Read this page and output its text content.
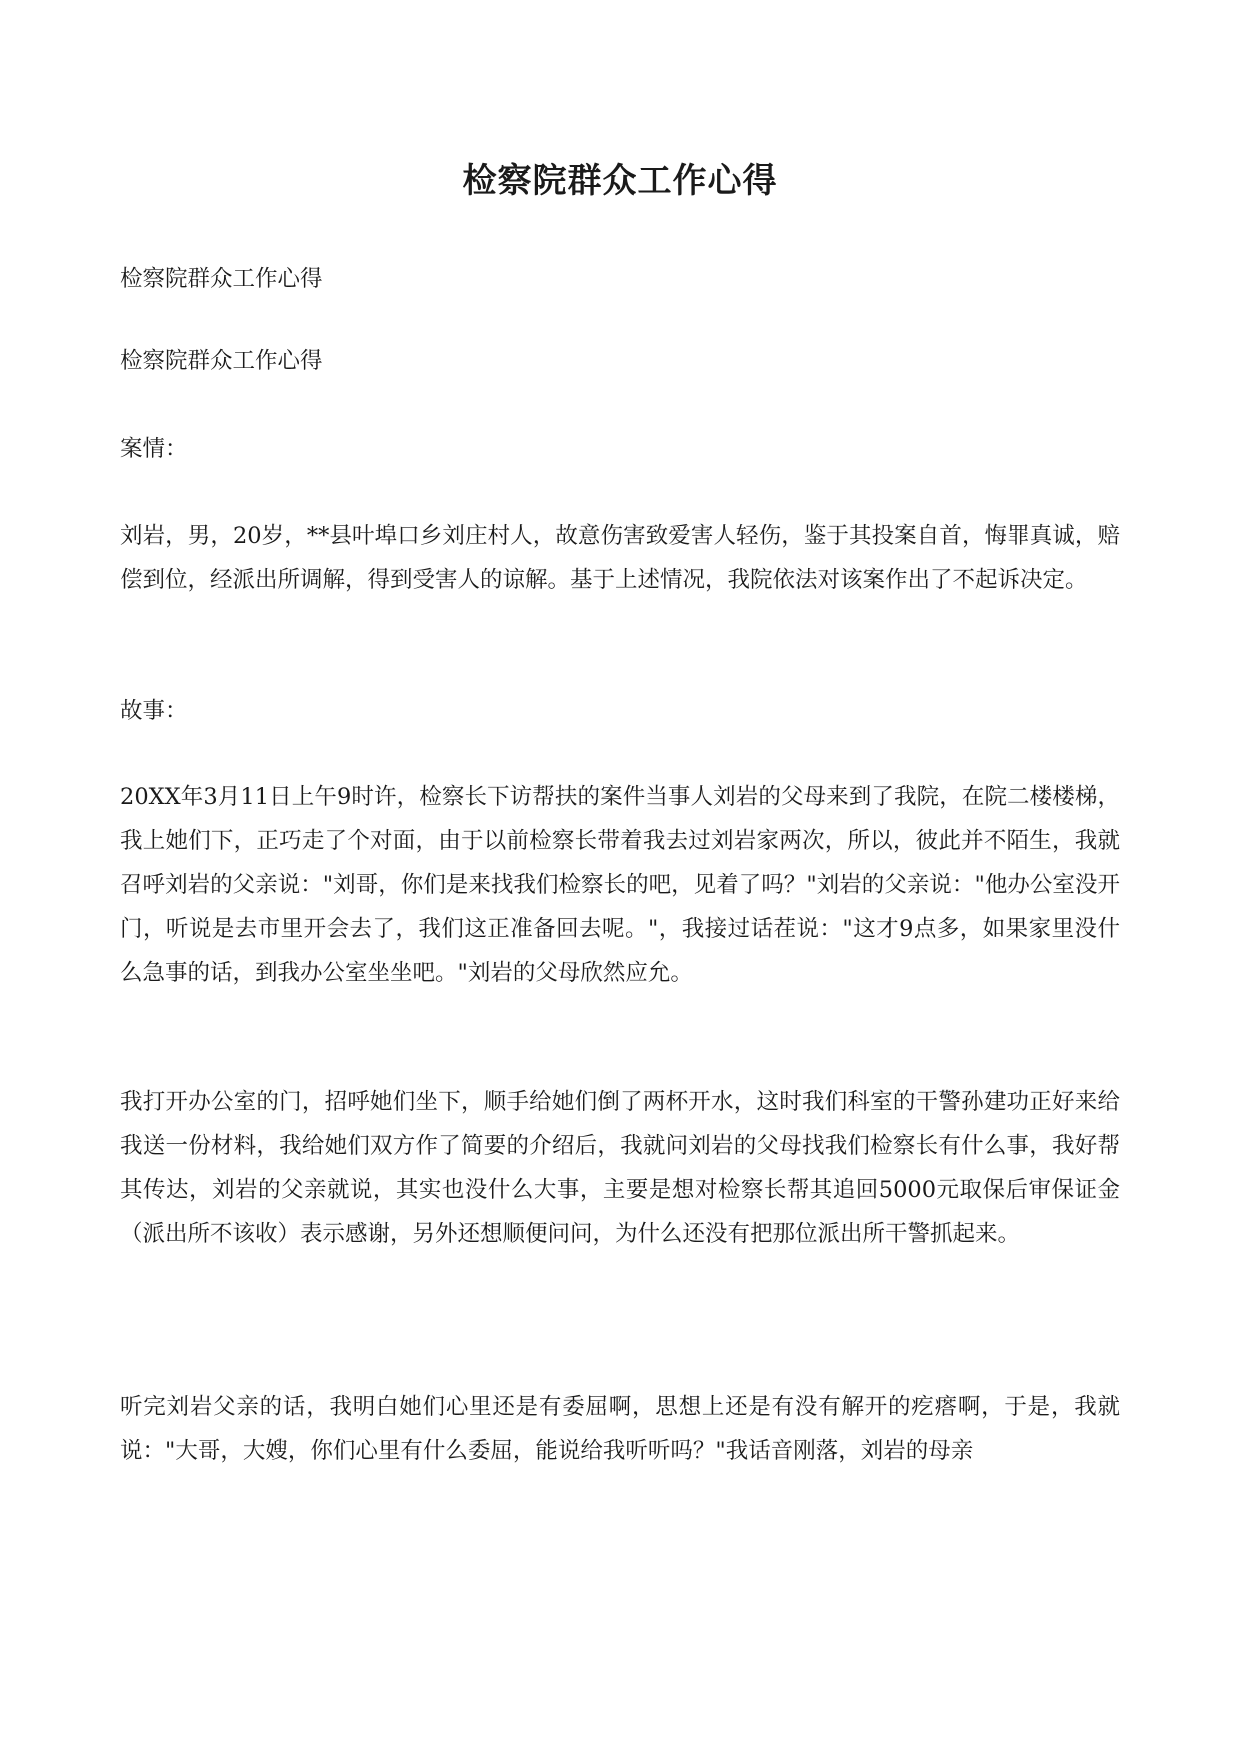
检察院群众工作心得

检察院群众工作心得

检察院群众工作心得

案情：

刘岩，男，20岁，**县叶埠口乡刘庄村人，故意伤害致爱害人轻伤，鉴于其投案自首，悔罪真诚，赔偿到位，经派出所调解，得到受害人的谅解。基于上述情况，我院依法对该案作出了不起诉决定。

故事：

20XX年3月11日上午9时许，检察长下访帮扶的案件当事人刘岩的父母来到了我院，在院二楼楼梯，我上她们下，正巧走了个对面，由于以前检察长带着我去过刘岩家两次，所以，彼此并不陌生，我就召呼刘岩的父亲说："刘哥，你们是来找我们检察长的吧，见着了吗？"刘岩的父亲说："他办公室没开门，听说是去市里开会去了，我们这正准备回去呢。"，我接过话茬说："这才9点多，如果家里没什么急事的话，到我办公室坐坐吧。"刘岩的父母欣然应允。

我打开办公室的门，招呼她们坐下，顺手给她们倒了两杯开水，这时我们科室的干警孙建功正好来给我送一份材料，我给她们双方作了简要的介绍后，我就问刘岩的父母找我们检察长有什么事，我好帮其传达，刘岩的父亲就说，其实也没什么大事，主要是想对检察长帮其追回5000元取保后审保证金（派出所不该收）表示感谢，另外还想顺便问问，为什么还没有把那位派出所干警抓起来。

听完刘岩父亲的话，我明白她们心里还是有委屈啊，思想上还是有没有解开的疙瘩啊，于是，我就说："大哥，大嫂，你们心里有什么委屈，能说给我听听吗？"我话音刚落，刘岩的母亲
